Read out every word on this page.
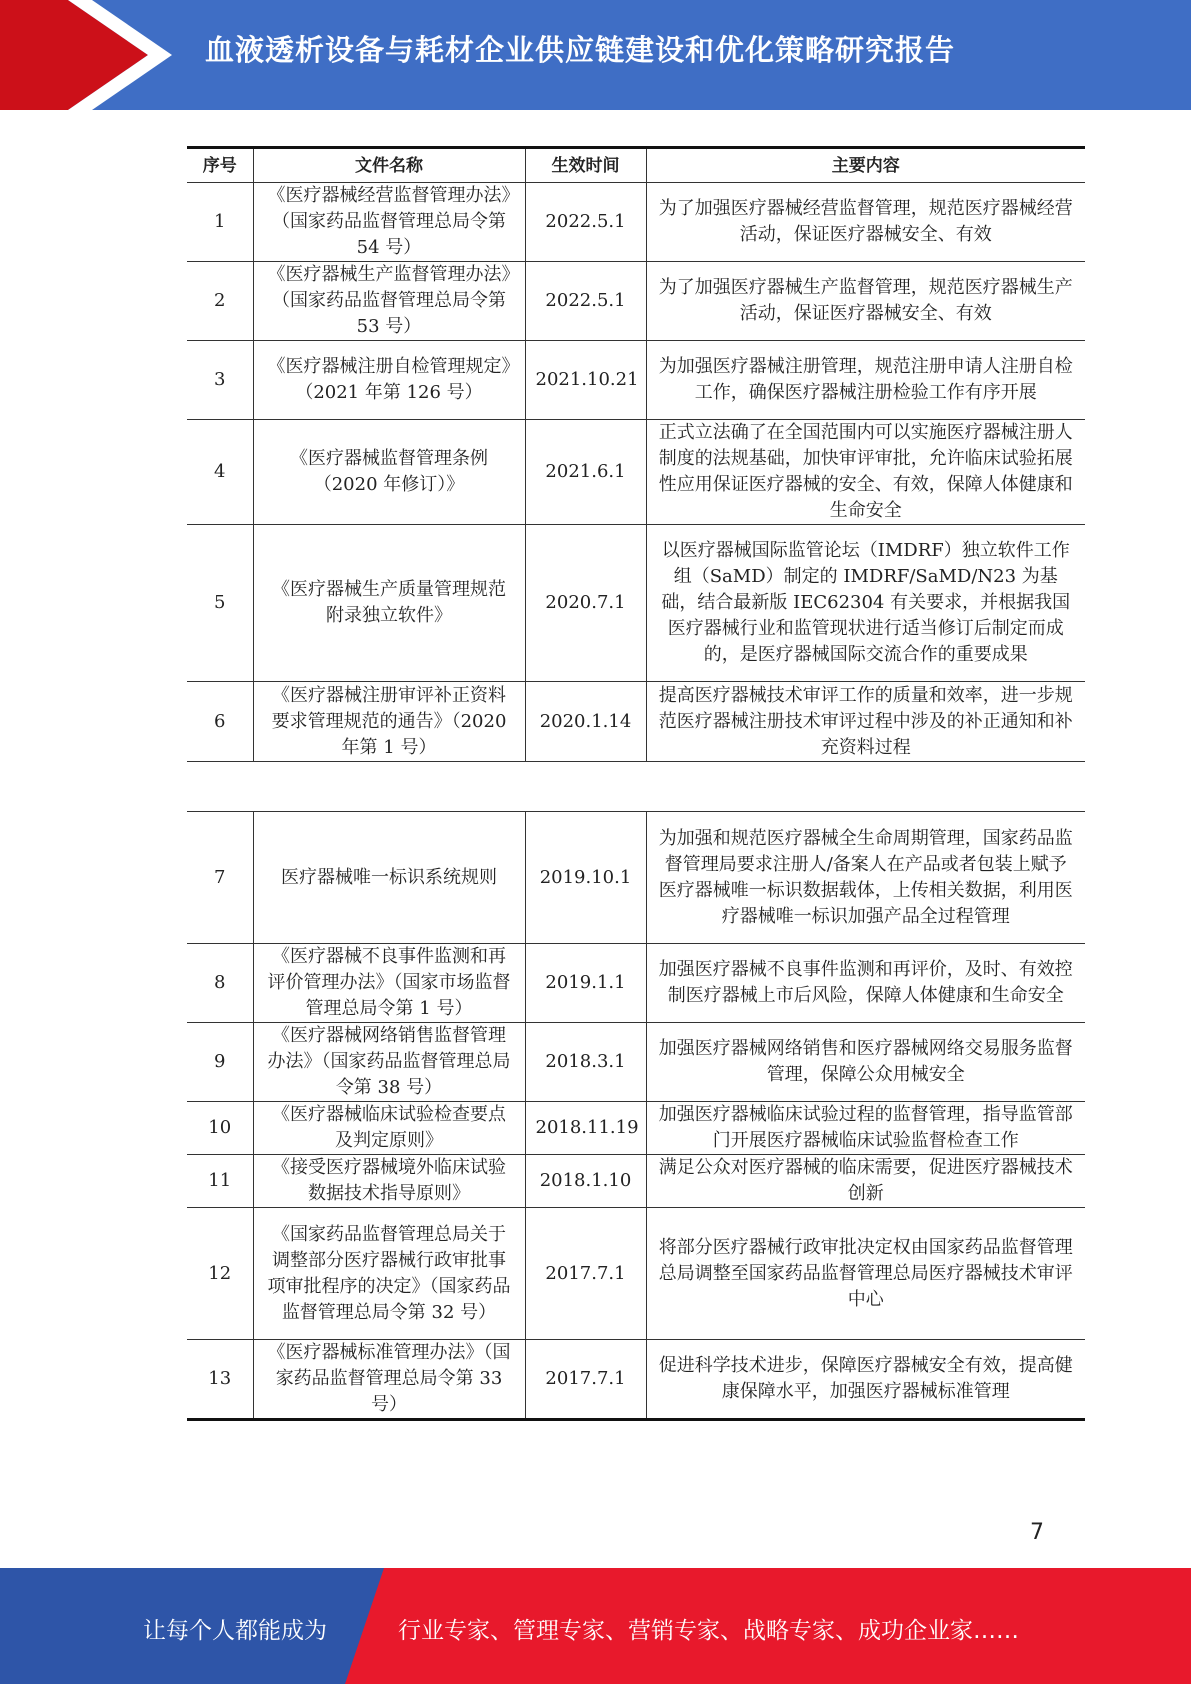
血液透析设备与耗材企业供应链建设和优化策略研究报告
序号	文件名称	生效时间	主要内容
1	《医疗器械经营监督管理办法》（国家药品监督管理总局令第 54 号）	2022.5.1	为了加强医疗器械经营监督管理，规范医疗器械经营活动，保证医疗器械安全、有效
2	《医疗器械生产监督管理办法》（国家药品监督管理总局令第 53 号）	2022.5.1	为了加强医疗器械生产监督管理，规范医疗器械生产活动，保证医疗器械安全、有效
3	《医疗器械注册自检管理规定》（2021 年第 126 号）	2021.10.21	为加强医疗器械注册管理，规范注册申请人注册自检工作，确保医疗器械注册检验工作有序开展
4	《医疗器械监督管理条例（2020 年修订）》	2021.6.1	正式立法确了在全国范围内可以实施医疗器械注册人制度的法规基础，加快审评审批，允许临床试验拓展性应用保证医疗器械的安全、有效，保障人体健康和生命安全
5	《医疗器械生产质量管理规范附录独立软件》	2020.7.1	以医疗器械国际监管论坛（IMDRF）独立软件工作组（SaMD）制定的 IMDRF/SaMD/N23 为基础，结合最新版 IEC62304 有关要求，并根据我国医疗器械行业和监管现状进行适当修订后制定而成的，是医疗器械国际交流合作的重要成果
6	《医疗器械注册审评补正资料要求管理规范的通告》（2020 年第 1 号）	2020.1.14	提高医疗器械技术审评工作的质量和效率，进一步规范医疗器械注册技术审评过程中涉及的补正通知和补充资料过程
7	医疗器械唯一标识系统规则	2019.10.1	为加强和规范医疗器械全生命周期管理，国家药品监督管理局要求注册人/备案人在产品或者包装上赋予医疗器械唯一标识数据载体，上传相关数据，利用医疗器械唯一标识加强产品全过程管理
8	《医疗器械不良事件监测和再评价管理办法》（国家市场监督管理总局令第 1 号）	2019.1.1	加强医疗器械不良事件监测和再评价，及时、有效控制医疗器械上市后风险，保障人体健康和生命安全
9	《医疗器械网络销售监督管理办法》（国家药品监督管理总局令第 38 号）	2018.3.1	加强医疗器械网络销售和医疗器械网络交易服务监督管理，保障公众用械安全
10	《医疗器械临床试验检查要点及判定原则》	2018.11.19	加强医疗器械临床试验过程的监督管理，指导监管部门开展医疗器械临床试验监督检查工作
11	《接受医疗器械境外临床试验数据技术指导原则》	2018.1.10	满足公众对医疗器械的临床需要，促进医疗器械技术创新
12	《国家药品监督管理总局关于调整部分医疗器械行政审批事项审批程序的决定》（国家药品监督管理总局令第 32 号）	2017.7.1	将部分医疗器械行政审批决定权由国家药品监督管理总局调整至国家药品监督管理总局医疗器械技术审评中心
13	《医疗器械标准管理办法》（国家药品监督管理总局令第 33 号）	2017.7.1	促进科学技术进步，保障医疗器械安全有效，提高健康保障水平，加强医疗器械标准管理
7
让每个人都能成为	行业专家、管理专家、营销专家、战略专家、成功企业家……
